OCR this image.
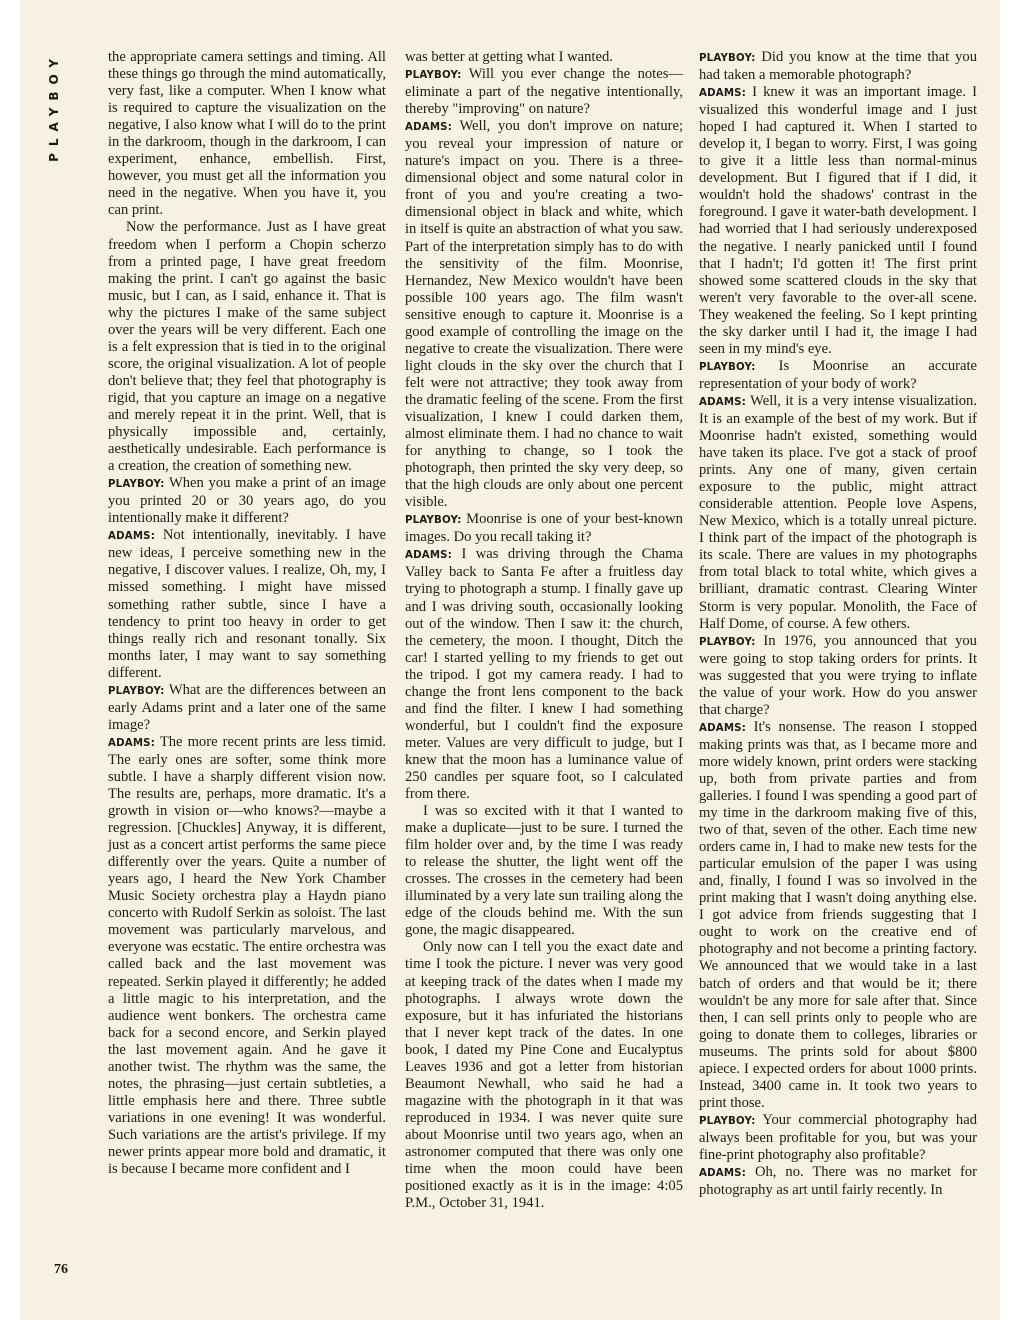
PLAYBOY
76

the appropriate camera settings and timing. All these things go through the mind automatically, very fast, like a computer. When I know what is required to capture the visualization on the negative, I also know what I will do to the print in the darkroom, though in the darkroom, I can experiment, enhance, embellish. First, however, you must get all the information you need in the negative. When you have it, you can print.

Now the performance. Just as I have great freedom when I perform a Chopin scherzo from a printed page, I have great freedom making the print. I can't go against the basic music, but I can, as I said, enhance it. That is why the pictures I make of the same subject over the years will be very different. Each one is a felt expression that is tied in to the original score, the original visualization. A lot of people don't believe that; they feel that photography is rigid, that you capture an image on a negative and merely repeat it in the print. Well, that is physically impossible and, certainly, aesthetically undesirable. Each performance is a creation, the creation of something new.

PLAYBOY: When you make a print of an image you printed 20 or 30 years ago, do you intentionally make it different?

ADAMS: Not intentionally, inevitably. I have new ideas, I perceive something new in the negative, I discover values. I realize, Oh, my, I missed something. I might have missed something rather subtle, since I have a tendency to print too heavy in order to get things really rich and resonant tonally. Six months later, I may want to say something different.

PLAYBOY: What are the differences between an early Adams print and a later one of the same image?

ADAMS: The more recent prints are less timid. The early ones are softer, some think more subtle. I have a sharply different vision now. The results are, perhaps, more dramatic. It's a growth in vision or—who knows?—maybe a regression. [Chuckles] Anyway, it is different, just as a concert artist performs the same piece differently over the years. Quite a number of years ago, I heard the New York Chamber Music Society orchestra play a Haydn piano concerto with Rudolf Serkin as soloist. The last movement was particularly marvelous, and everyone was ecstatic. The entire orchestra was called back and the last movement was repeated. Serkin played it differently; he added a little magic to his interpretation, and the audience went bonkers. The orchestra came back for a second encore, and Serkin played the last movement again. And he gave it another twist. The rhythm was the same, the notes, the phrasing—just certain subtleties, a little emphasis here and there. Three subtle variations in one evening! It was wonderful. Such variations are the artist's privilege. If my newer prints appear more bold and dramatic, it is because I became more confident and I

was better at getting what I wanted.

PLAYBOY: Will you ever change the notes—eliminate a part of the negative intentionally, thereby "improving" on nature?

ADAMS: Well, you don't improve on nature; you reveal your impression of nature or nature's impact on you. There is a three-dimensional object and some natural color in front of you and you're creating a two-dimensional object in black and white, which in itself is quite an abstraction of what you saw. Part of the interpretation simply has to do with the sensitivity of the film. Moonrise, Hernandez, New Mexico wouldn't have been possible 100 years ago. The film wasn't sensitive enough to capture it. Moonrise is a good example of controlling the image on the negative to create the visualization. There were light clouds in the sky over the church that I felt were not attractive; they took away from the dramatic feeling of the scene. From the first visualization, I knew I could darken them, almost eliminate them. I had no chance to wait for anything to change, so I took the photograph, then printed the sky very deep, so that the high clouds are only about one percent visible.

PLAYBOY: Moonrise is one of your best-known images. Do you recall taking it?

ADAMS: I was driving through the Chama Valley back to Santa Fe after a fruitless day trying to photograph a stump. I finally gave up and I was driving south, occasionally looking out of the window. Then I saw it: the church, the cemetery, the moon. I thought, Ditch the car! I started yelling to my friends to get out the tripod. I got my camera ready. I had to change the front lens component to the back and find the filter. I knew I had something wonderful, but I couldn't find the exposure meter. Values are very difficult to judge, but I knew that the moon has a luminance value of 250 candles per square foot, so I calculated from there.

I was so excited with it that I wanted to make a duplicate—just to be sure. I turned the film holder over and, by the time I was ready to release the shutter, the light went off the crosses. The crosses in the cemetery had been illuminated by a very late sun trailing along the edge of the clouds behind me. With the sun gone, the magic disappeared.

Only now can I tell you the exact date and time I took the picture. I never was very good at keeping track of the dates when I made my photographs. I always wrote down the exposure, but it has infuriated the historians that I never kept track of the dates. In one book, I dated my Pine Cone and Eucalyptus Leaves 1936 and got a letter from historian Beaumont Newhall, who said he had a magazine with the photograph in it that was reproduced in 1934. I was never quite sure about Moonrise until two years ago, when an astronomer computed that there was only one time when the moon could have been positioned exactly as it is in the image: 4:05 P.M., October 31, 1941.

PLAYBOY: Did you know at the time that you had taken a memorable photograph?

ADAMS: I knew it was an important image. I visualized this wonderful image and I just hoped I had captured it. When I started to develop it, I began to worry. First, I was going to give it a little less than normal-minus development. But I figured that if I did, it wouldn't hold the shadows' contrast in the foreground. I gave it water-bath development. I had worried that I had seriously underexposed the negative. I nearly panicked until I found that I hadn't; I'd gotten it! The first print showed some scattered clouds in the sky that weren't very favorable to the over-all scene. They weakened the feeling. So I kept printing the sky darker until I had it, the image I had seen in my mind's eye.

PLAYBOY: Is Moonrise an accurate representation of your body of work?

ADAMS: Well, it is a very intense visualization. It is an example of the best of my work. But if Moonrise hadn't existed, something would have taken its place. I've got a stack of proof prints. Any one of many, given certain exposure to the public, might attract considerable attention. People love Aspens, New Mexico, which is a totally unreal picture. I think part of the impact of the photograph is its scale. There are values in my photographs from total black to total white, which gives a brilliant, dramatic contrast. Clearing Winter Storm is very popular. Monolith, the Face of Half Dome, of course. A few others.

PLAYBOY: In 1976, you announced that you were going to stop taking orders for prints. It was suggested that you were trying to inflate the value of your work. How do you answer that charge?

ADAMS: It's nonsense. The reason I stopped making prints was that, as I became more and more widely known, print orders were stacking up, both from private parties and from galleries. I found I was spending a good part of my time in the darkroom making five of this, two of that, seven of the other. Each time new orders came in, I had to make new tests for the particular emulsion of the paper I was using and, finally, I found I was so involved in the print making that I wasn't doing anything else. I got advice from friends suggesting that I ought to work on the creative end of photography and not become a printing factory. We announced that we would take in a last batch of orders and that would be it; there wouldn't be any more for sale after that. Since then, I can sell prints only to people who are going to donate them to colleges, libraries or museums. The prints sold for about $800 apiece. I expected orders for about 1000 prints. Instead, 3400 came in. It took two years to print those.

PLAYBOY: Your commercial photography had always been profitable for you, but was your fine-print photography also profitable?

ADAMS: Oh, no. There was no market for photography as art until fairly recently. In
